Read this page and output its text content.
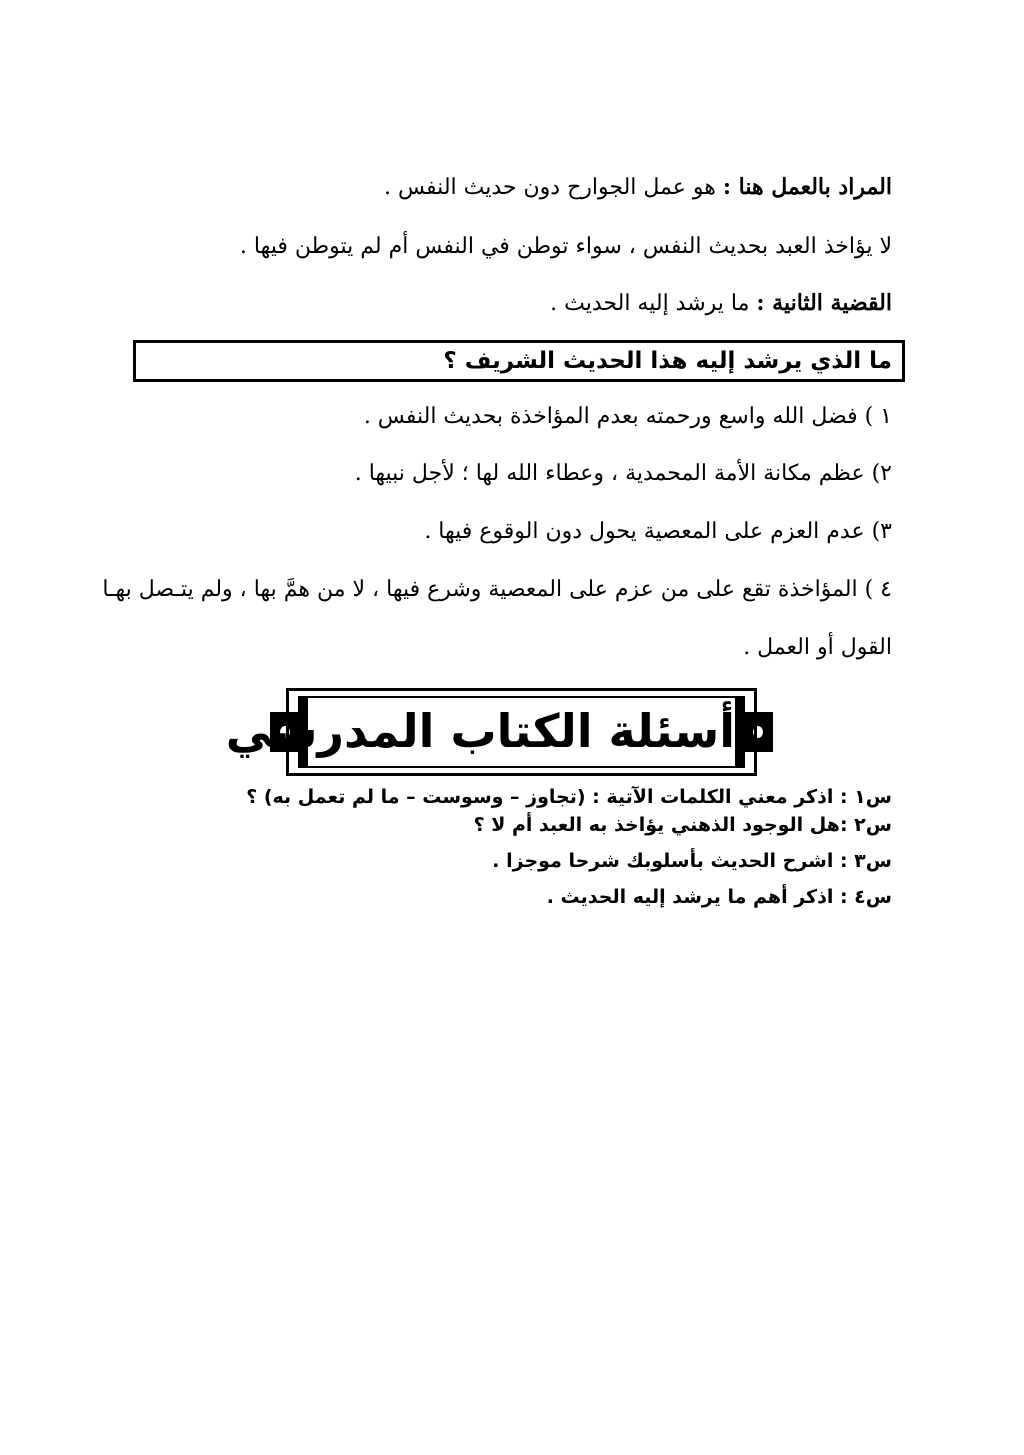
المراد بالعمل هنا : هو عمل الجوارح دون حديث النفس .
لا يؤاخذ العبد بحديث النفس ، سواء توطن في النفس أم لم يتوطن فيها .
القضية الثانية : ما يرشد إليه الحديث .
ما الذي يرشد إليه هذا الحديث الشريف ؟
١ ) فضل الله واسع ورحمته بعدم المؤاخذة بحديث النفس .
٢) عظم مكانة الأمة المحمدية ، وعطاء الله لها ؛ لأجل نبيها .
٣) عدم العزم على المعصية يحول دون الوقوع فيها .
٤ ) المؤاخذة تقع على من عزم على المعصية وشرع فيها ، لا من همَّ بها ، ولم يتـصل بهـا
القول أو العمل .
أسئلة الكتاب المدرسي
س١ : اذكر معني الكلمات الآتية : (تجاوز – وسوست – ما لم تعمل به) ؟
س٢ :هل الوجود الذهني يؤاخذ به العبد أم لا ؟
س٣ : اشرح الحديث بأسلوبك شرحا موجزا .
س٤ : اذكر أهم ما يرشد إليه الحديث .
